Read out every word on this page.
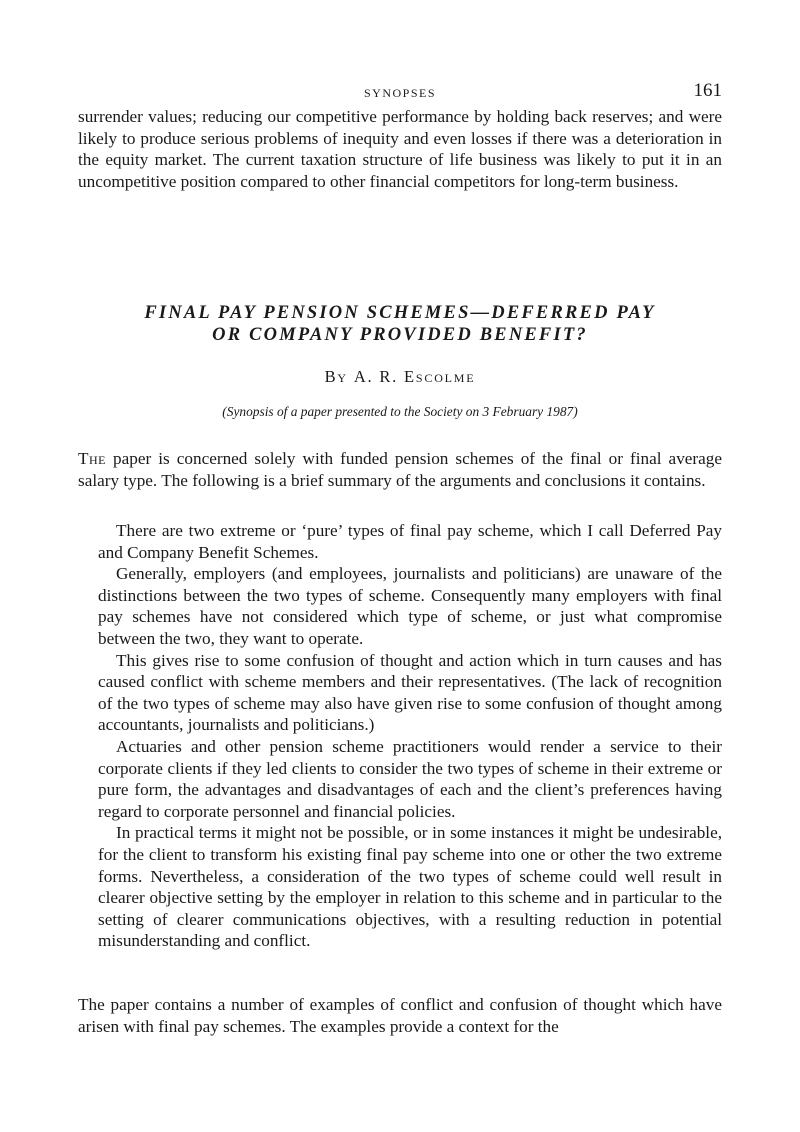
SYNOPSES	161

surrender values; reducing our competitive performance by holding back reserves; and were likely to produce serious problems of inequity and even losses if there was a deterioration in the equity market. The current taxation structure of life business was likely to put it in an uncompetitive position compared to other financial competitors for long-term business.

FINAL PAY PENSION SCHEMES—DEFERRED PAY
OR COMPANY PROVIDED BENEFIT?
By A. R. Escolme
(Synopsis of a paper presented to the Society on 3 February 1987)

The paper is concerned solely with funded pension schemes of the final or final average salary type. The following is a brief summary of the arguments and conclusions it contains.

There are two extreme or ‘pure’ types of final pay scheme, which I call Deferred Pay and Company Benefit Schemes.

Generally, employers (and employees, journalists and politicians) are unaware of the distinctions between the two types of scheme. Consequently many employers with final pay schemes have not considered which type of scheme, or just what compromise between the two, they want to operate.

This gives rise to some confusion of thought and action which in turn causes and has caused conflict with scheme members and their representatives. (The lack of recognition of the two types of scheme may also have given rise to some confusion of thought among accountants, journalists and politicians.)

Actuaries and other pension scheme practitioners would render a service to their corporate clients if they led clients to consider the two types of scheme in their extreme or pure form, the advantages and disadvantages of each and the client’s preferences having regard to corporate personnel and financial policies.

In practical terms it might not be possible, or in some instances it might be undesirable, for the client to transform his existing final pay scheme into one or other the two extreme forms. Nevertheless, a consideration of the two types of scheme could well result in clearer objective setting by the employer in relation to this scheme and in particular to the setting of clearer communications objectives, with a resulting reduction in potential misunderstanding and conflict.

The paper contains a number of examples of conflict and confusion of thought which have arisen with final pay schemes. The examples provide a context for the
